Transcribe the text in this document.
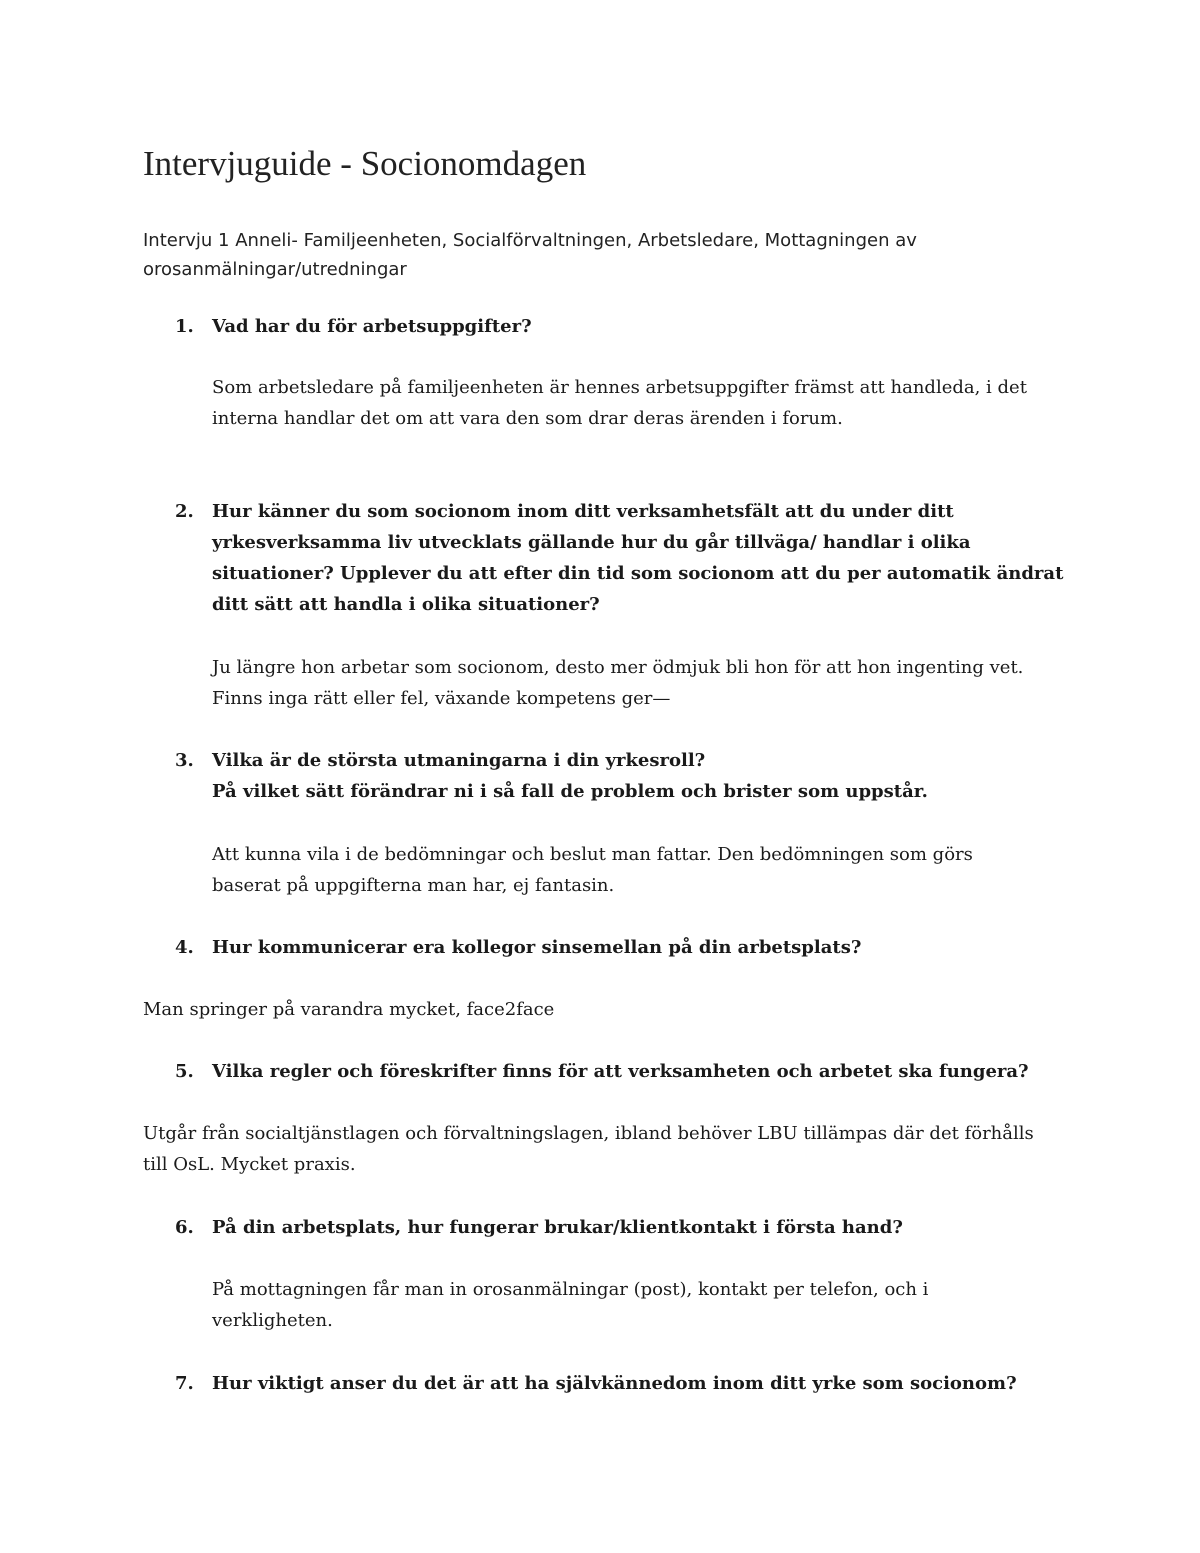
Intervjuguide - Socionomdagen

Intervju 1 Anneli- Familjeenheten, Socialförvaltningen, Arbetsledare, Mottagningen av
orosanmälningar/utredningar

1.	Vad har du för arbetsuppgifter?

Som arbetsledare på familjeenheten är hennes arbetsuppgifter främst att handleda, i det
interna handlar det om att vara den som drar deras ärenden i forum.

2.	Hur känner du som socionom inom ditt verksamhetsfält att du under ditt
yrkesverksamma liv utvecklats gällande hur du går tillväga/ handlar i olika
situationer? Upplever du att efter din tid som socionom att du per automatik ändrat
ditt sätt att handla i olika situationer?

Ju längre hon arbetar som socionom, desto mer ödmjuk bli hon för att hon ingenting vet.
Finns inga rätt eller fel, växande kompetens ger—

3.	Vilka är de största utmaningarna i din yrkesroll?
På vilket sätt förändrar ni i så fall de problem och brister som uppstår.

Att kunna vila i de bedömningar och beslut man fattar. Den bedömningen som görs
baserat på uppgifterna man har, ej fantasin.

4.	Hur kommunicerar era kollegor sinsemellan på din arbetsplats?

Man springer på varandra mycket, face2face

5.	Vilka regler och föreskrifter finns för att verksamheten och arbetet ska fungera?

Utgår från socialtjänstlagen och förvaltningslagen, ibland behöver LBU tillämpas där det förhålls
till OsL. Mycket praxis.

6.	På din arbetsplats, hur fungerar brukar/klientkontakt i första hand?

På mottagningen får man in orosanmälningar (post), kontakt per telefon, och i
verkligheten.

7.	Hur viktigt anser du det är att ha självkännedom inom ditt yrke som socionom?
